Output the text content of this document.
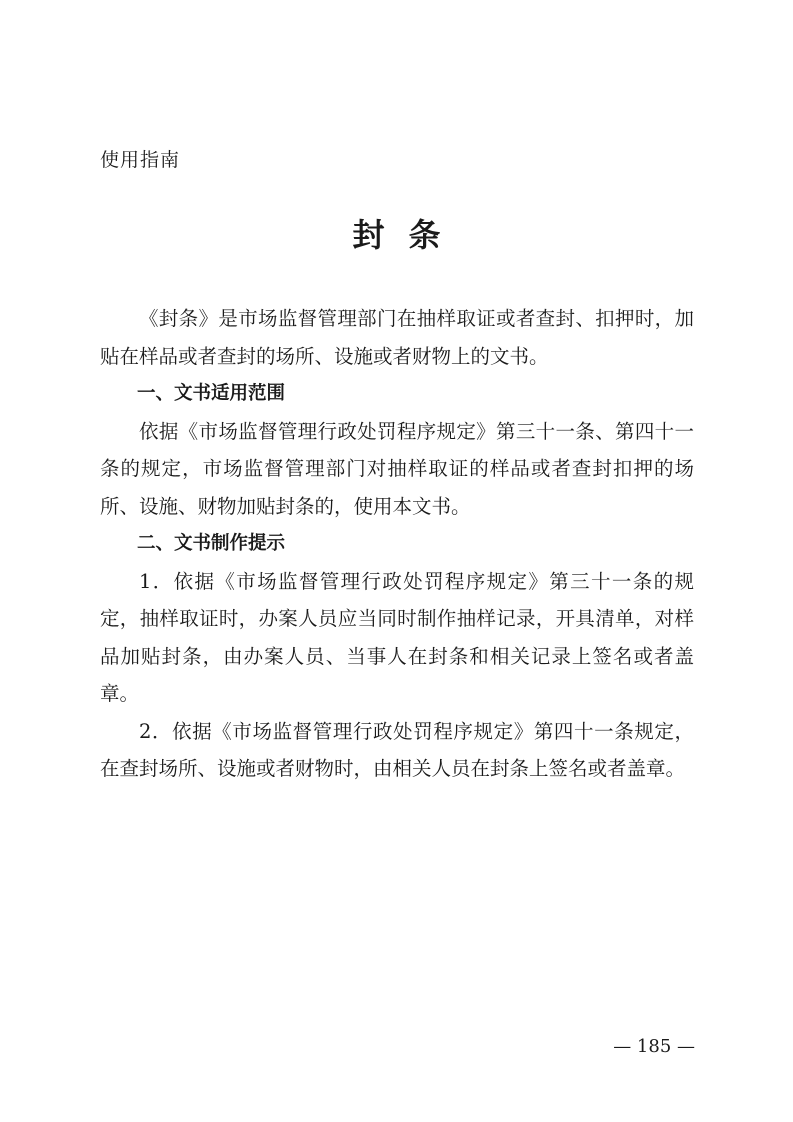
使用指南
封条

《封条》是市场监督管理部门在抽样取证或者查封、扣押时，加贴在样品或者查封的场所、设施或者财物上的文书。

一、文书适用范围

依据《市场监督管理行政处罚程序规定》第三十一条、第四十一条的规定，市场监督管理部门对抽样取证的样品或者查封扣押的场所、设施、财物加贴封条的，使用本文书。

二、文书制作提示

1．依据《市场监督管理行政处罚程序规定》第三十一条的规定，抽样取证时，办案人员应当同时制作抽样记录，开具清单，对样品加贴封条，由办案人员、当事人在封条和相关记录上签名或者盖章。

2．依据《市场监督管理行政处罚程序规定》第四十一条规定，在查封场所、设施或者财物时，由相关人员在封条上签名或者盖章。

— 185 —
